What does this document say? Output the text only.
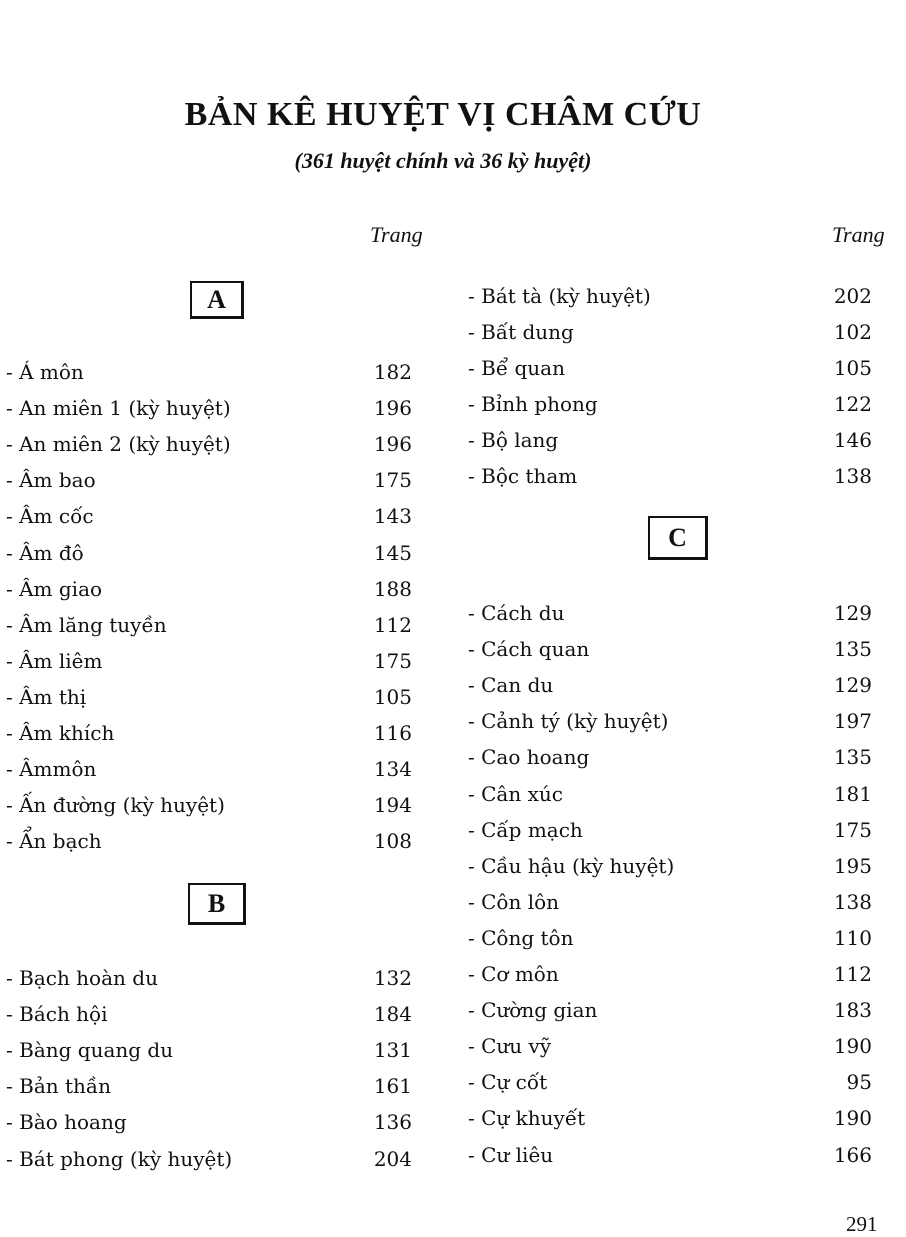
BẢN KÊ HUYỆT VỊ CHÂM CỨU
(361 huyệt chính và 36 kỳ huyệt)
Trang	Trang
A
B
C
- Á môn	182
- An miên 1 (kỳ huyệt)	196
- An miên 2 (kỳ huyệt)	196
- Âm bao	175
- Âm cốc	143
- Âm đô	145
- Âm giao	188
- Âm lăng tuyền	112
- Âm liêm	175
- Âm thị	105
- Âm khích	116
- Âmmôn	134
- Ấn đường (kỳ huyệt)	194
- Ẩn bạch	108
- Bạch hoàn du	132
- Bách hội	184
- Bàng quang du	131
- Bản thần	161
- Bào hoang	136
- Bát phong (kỳ huyệt)	204
- Bát tà (kỳ huyệt)	202
- Bất dung	102
- Bể quan	105
- Bỉnh phong	122
- Bộ lang	146
- Bộc tham	138
- Cách du	129
- Cách quan	135
- Can du	129
- Cảnh tý (kỳ huyệt)	197
- Cao hoang	135
- Cân xúc	181
- Cấp mạch	175
- Cầu hậu (kỳ huyệt)	195
- Côn lôn	138
- Công tôn	110
- Cơ môn	112
- Cường gian	183
- Cưu vỹ	190
- Cự cốt	95
- Cự khuyết	190
- Cư liêu	166
291
